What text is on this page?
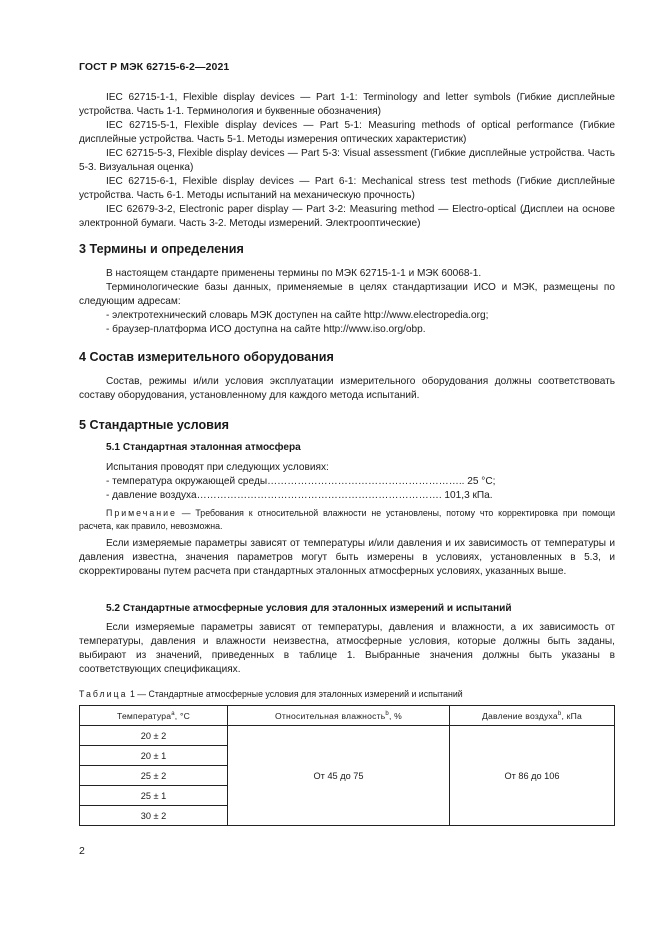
ГОСТ Р МЭК 62715-6-2—2021

IEC 62715-1-1, Flexible display devices — Part 1-1: Terminology and letter symbols (Гибкие дисплейные устройства. Часть 1-1. Терминология и буквенные обозначения)

IEC 62715-5-1, Flexible display devices — Part 5-1: Measuring methods of optical performance (Гибкие дисплейные устройства. Часть 5-1. Методы измерения оптических характеристик)

IEC 62715-5-3, Flexible display devices — Part 5-3: Visual assessment (Гибкие дисплейные устройства. Часть 5-3. Визуальная оценка)

IEC 62715-6-1, Flexible display devices — Part 6-1: Mechanical stress test methods (Гибкие дисплейные устройства. Часть 6-1. Методы испытаний на механическую прочность)

IEC 62679-3-2, Electronic paper display — Part 3-2: Measuring method — Electro-optical (Дисплеи на основе электронной бумаги. Часть 3-2. Методы измерений. Электрооптические)

3 Термины и определения

В настоящем стандарте применены термины по МЭК 62715-1-1 и МЭК 60068-1.

Терминологические базы данных, применяемые в целях стандартизации ИСО и МЭК, размещены по следующим адресам:

- электротехнический словарь МЭК доступен на сайте http://www.electropedia.org;

- браузер-платформа ИСО доступна на сайте http://www.iso.org/obp.

4 Состав измерительного оборудования

Состав, режимы и/или условия эксплуатации измерительного оборудования должны соответствовать составу оборудования, установленному для каждого метода испытаний.

5 Стандартные условия
5.1 Стандартная эталонная атмосфера
Испытания проводят при следующих условиях:
- температура окружающей среды………………………………………………….. 25 °С;
- давление воздуха………………………………………………………………. 101,3 кПа.
Примечание — Требования к относительной влажности не установлены, потому что корректировка при помощи расчета, как правило, невозможна.

Если измеряемые параметры зависят от температуры и/или давления и их зависимость от температуры и давления известна, значения параметров могут быть измерены в условиях, установленных в 5.3, и скорректированы путем расчета при стандартных эталонных атмосферных условиях, указанных выше.

5.2 Стандартные атмосферные условия для эталонных измерений и испытаний

Если измеряемые параметры зависят от температуры, давления и влажности, а их зависимость от температуры, давления и влажности неизвестна, атмосферные условия, которые должны быть заданы, выбирают из значений, приведенных в таблице 1. Выбранные значения должны быть указаны в соответствующих спецификациях.

Таблица 1 — Стандартные атмосферные условия для эталонных измерений и испытаний
Температура$^а$, °С	Относительная влажность$^b$, %	Давление воздуха$^b$, кПа
20 ± 2	От 45 до 75	От 86 до 106
20 ± 1		
25 ± 2		
25 ± 1		
30 ± 2		
2
